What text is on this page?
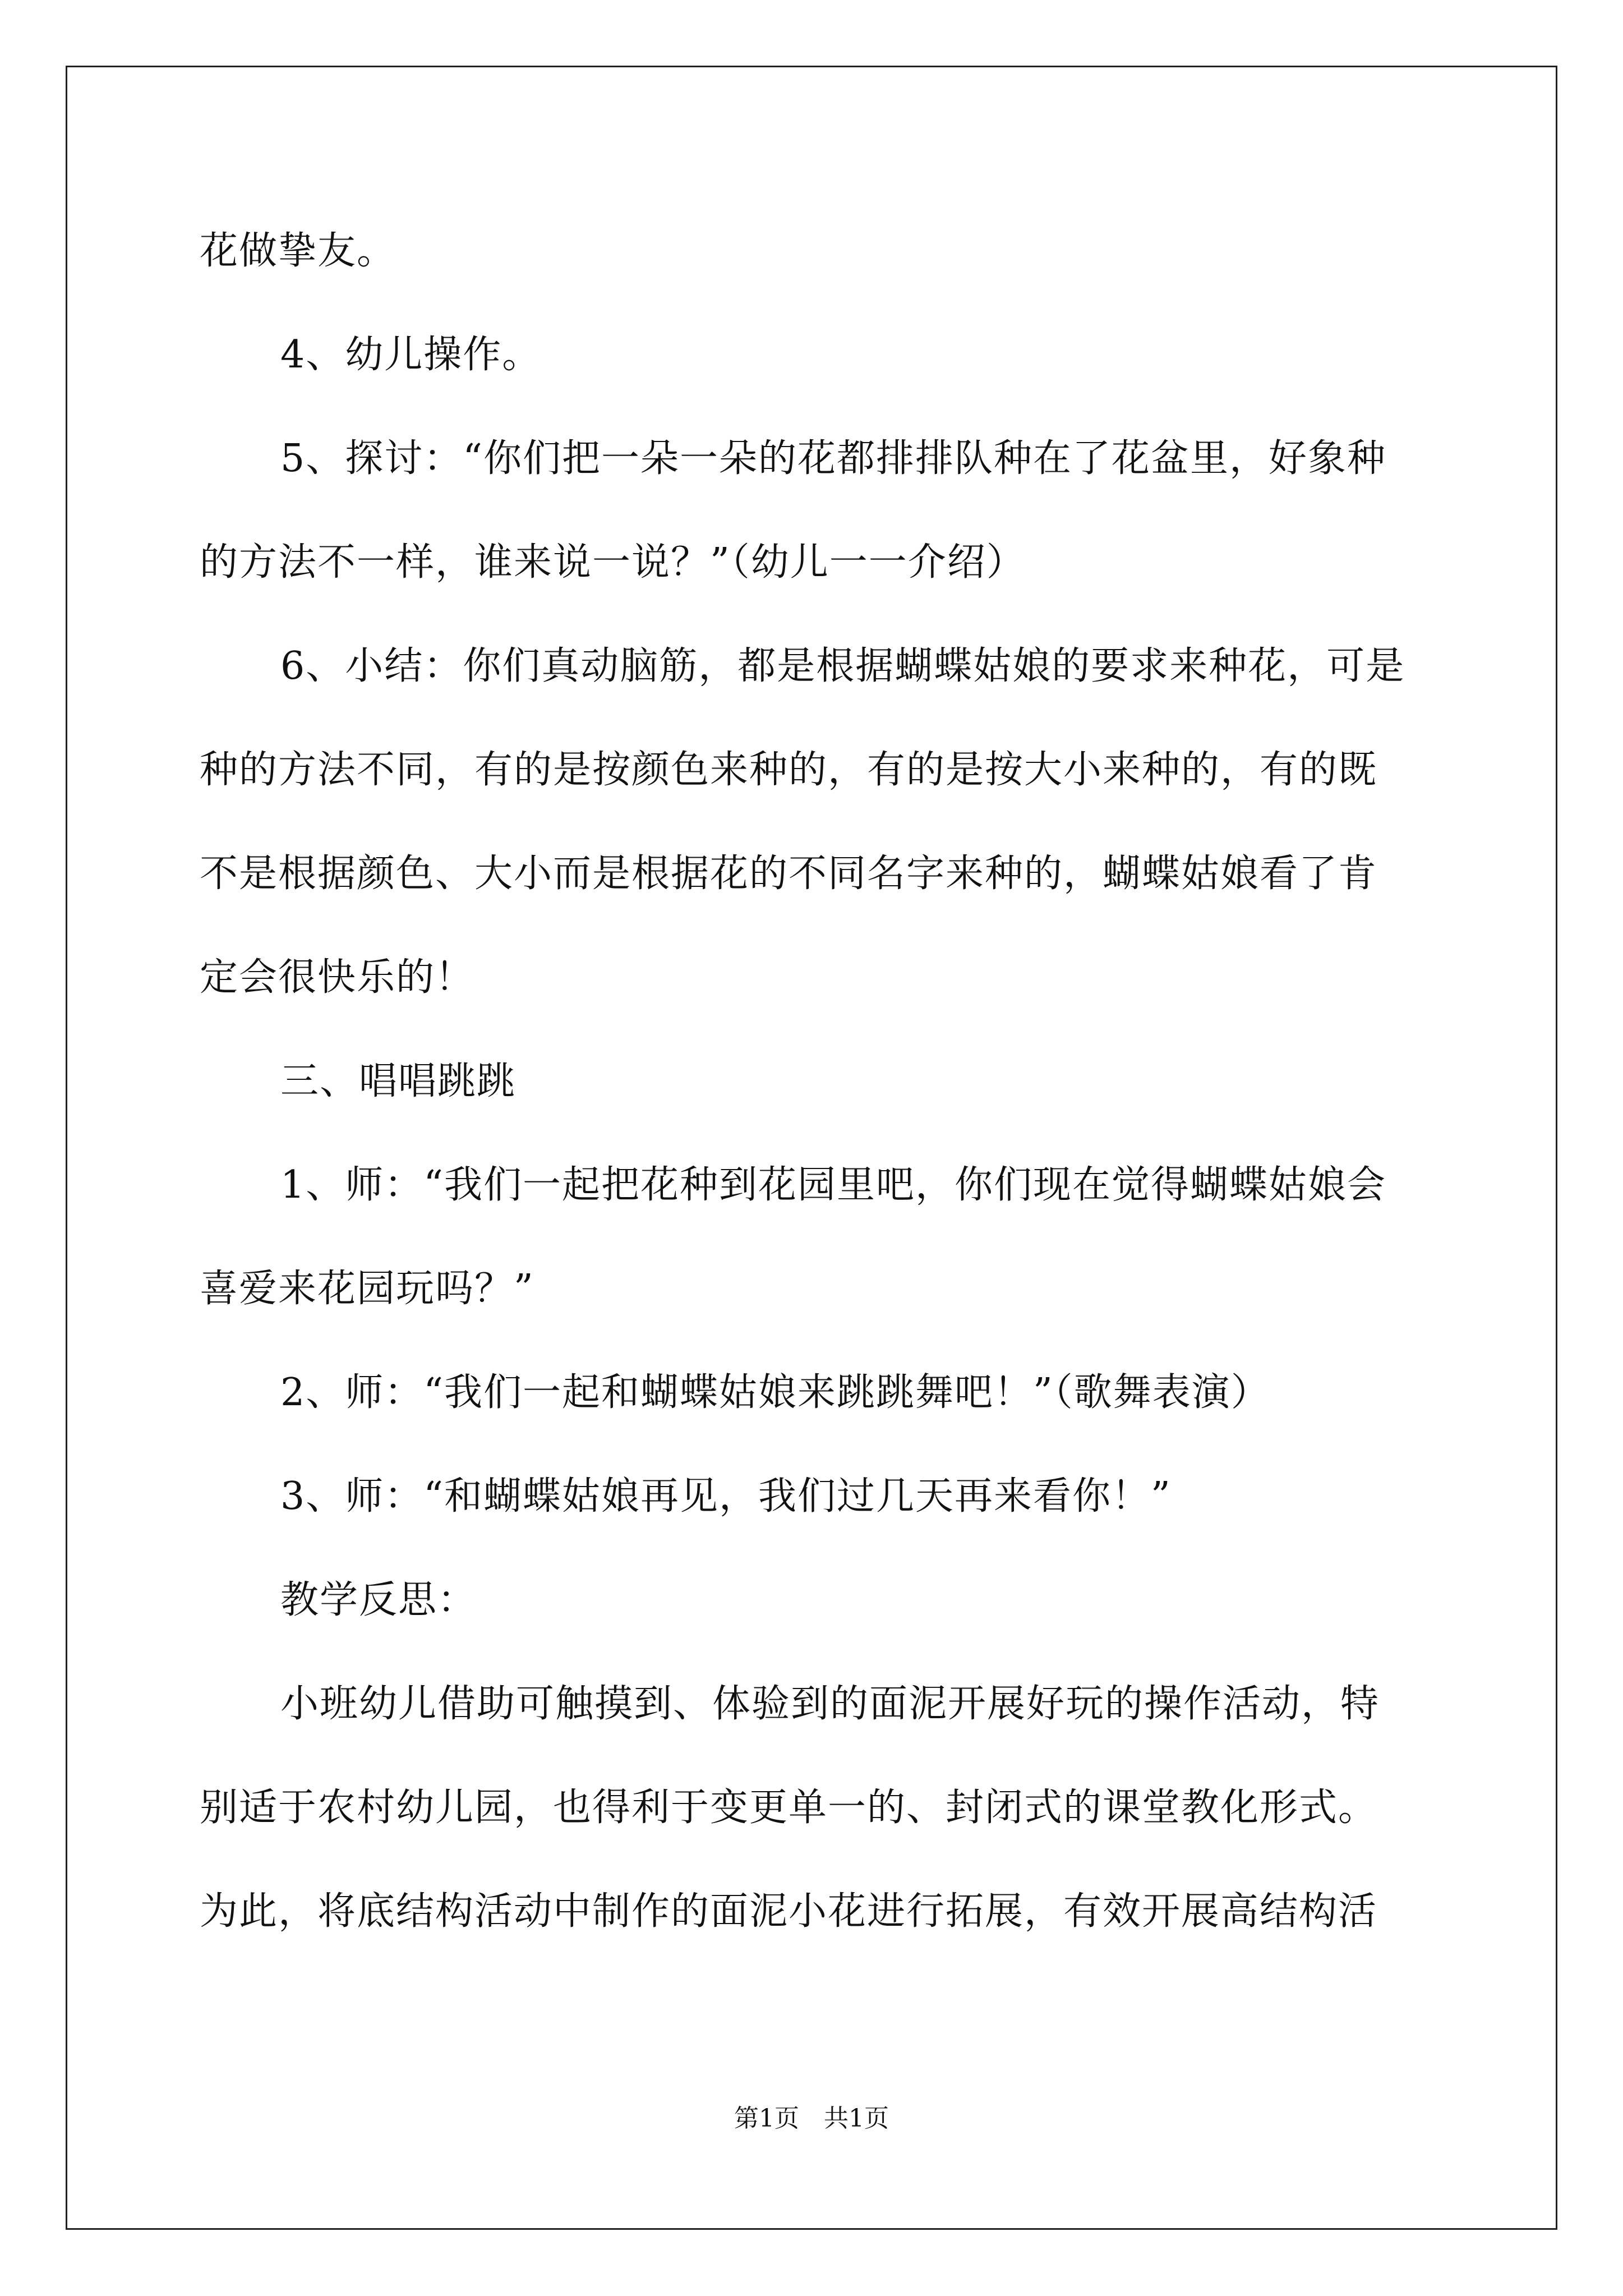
花做挚友。
4、幼儿操作。
5、探讨：“你们把一朵一朵的花都排排队种在了花盆里，好象种
的方法不一样，谁来说一说？”（幼儿一一介绍）
6、小结：你们真动脑筋，都是根据蝴蝶姑娘的要求来种花，可是
种的方法不同，有的是按颜色来种的，有的是按大小来种的，有的既
不是根据颜色、大小而是根据花的不同名字来种的，蝴蝶姑娘看了肯
定会很快乐的！
三、唱唱跳跳
1、师：“我们一起把花种到花园里吧，你们现在觉得蝴蝶姑娘会
喜爱来花园玩吗？”
2、师：“我们一起和蝴蝶姑娘来跳跳舞吧！”（歌舞表演）
3、师：“和蝴蝶姑娘再见，我们过几天再来看你！”
教学反思：
小班幼儿借助可触摸到、体验到的面泥开展好玩的操作活动，特
别适于农村幼儿园，也得利于变更单一的、封闭式的课堂教化形式。
为此，将底结构活动中制作的面泥小花进行拓展，有效开展高结构活
第1页　共1页
